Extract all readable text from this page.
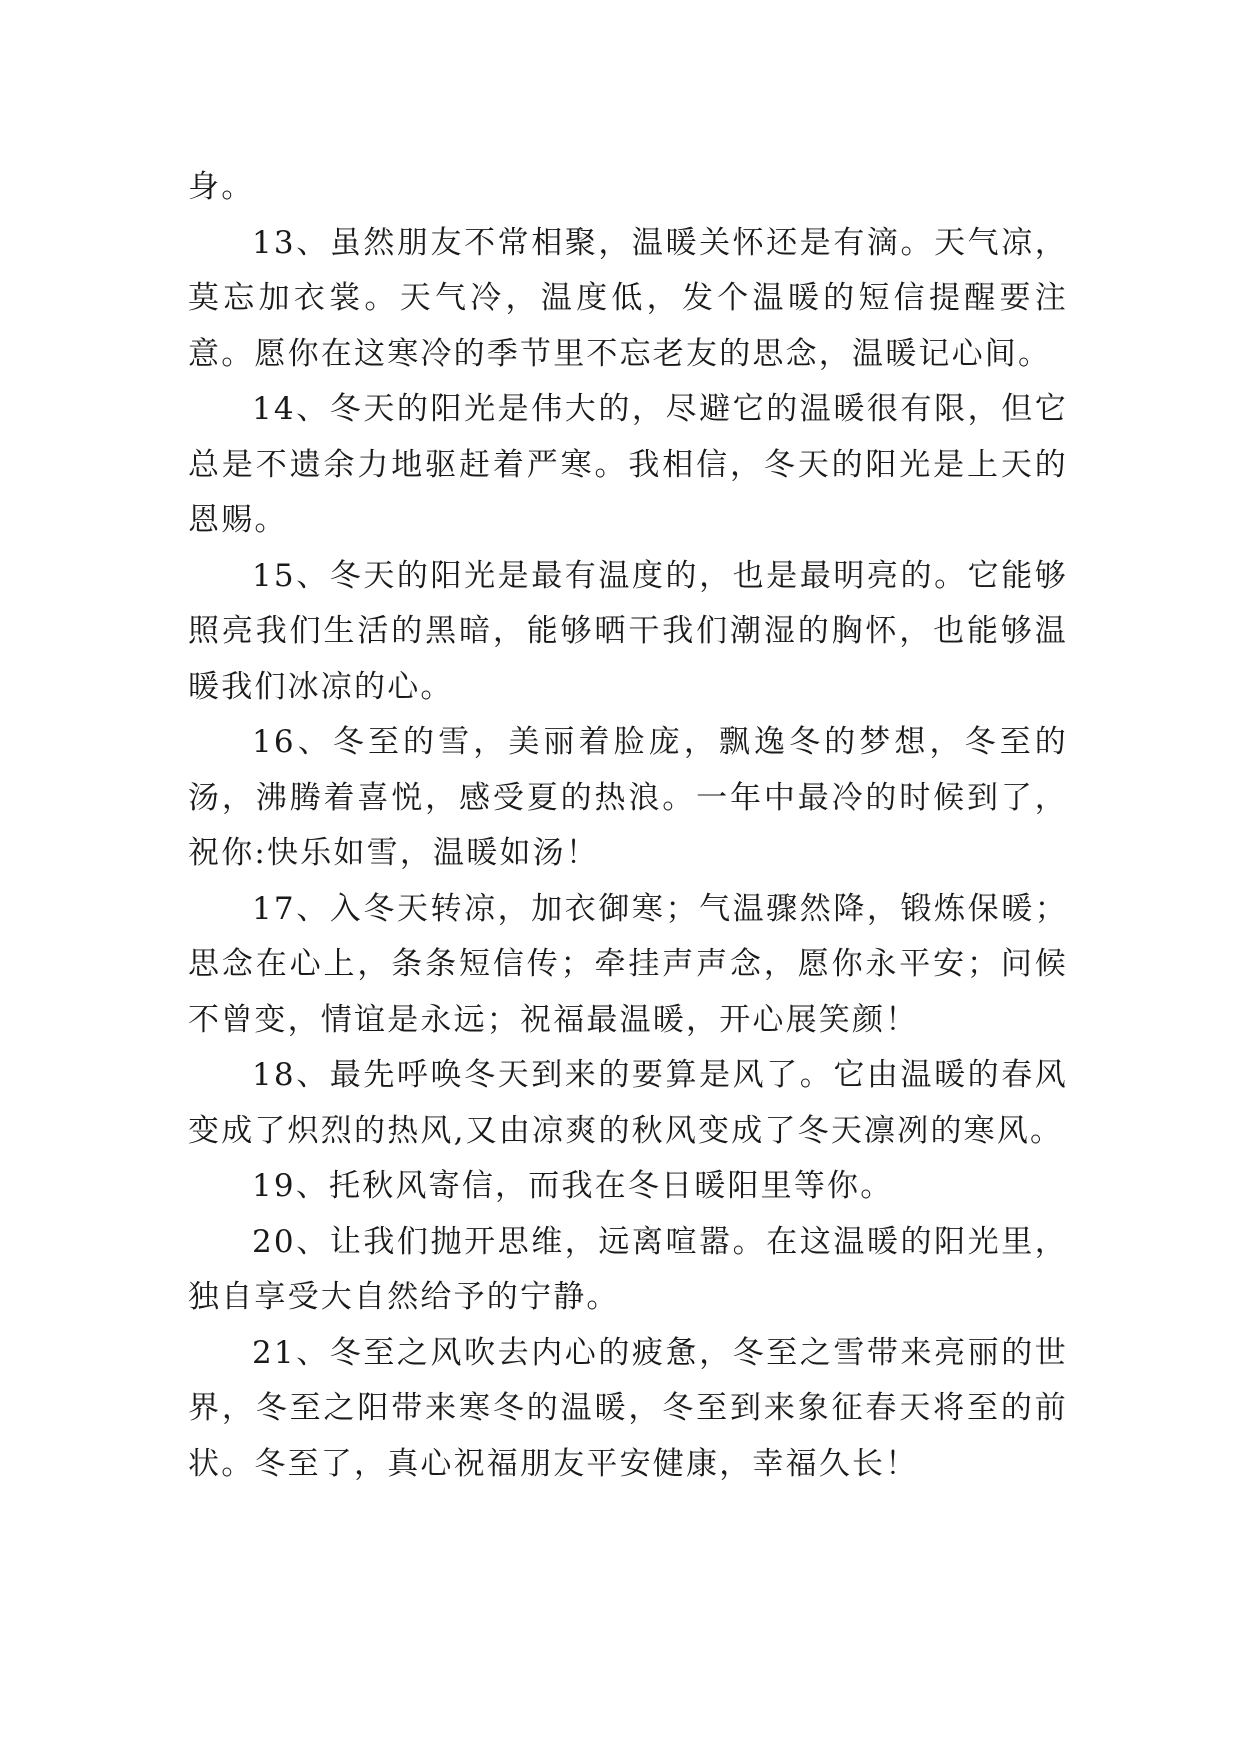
身。

13、虽然朋友不常相聚，温暖关怀还是有滴。天气凉，莫忘加衣裳。天气冷，温度低，发个温暖的短信提醒要注意。愿你在这寒冷的季节里不忘老友的思念，温暖记心间。

14、冬天的阳光是伟大的，尽避它的温暖很有限，但它总是不遗余力地驱赶着严寒。我相信，冬天的阳光是上天的恩赐。

15、冬天的阳光是最有温度的，也是最明亮的。它能够照亮我们生活的黑暗，能够晒干我们潮湿的胸怀，也能够温暖我们冰凉的心。

16、冬至的雪，美丽着脸庞，飘逸冬的梦想，冬至的汤，沸腾着喜悦，感受夏的热浪。一年中最冷的时候到了，祝你:快乐如雪，温暖如汤！

17、入冬天转凉，加衣御寒；气温骤然降，锻炼保暖；思念在心上，条条短信传；牵挂声声念，愿你永平安；问候不曾变，情谊是永远；祝福最温暖，开心展笑颜！

18、最先呼唤冬天到来的要算是风了。它由温暖的春风变成了炽烈的热风,又由凉爽的秋风变成了冬天凛冽的寒风。

19、托秋风寄信，而我在冬日暖阳里等你。

20、让我们抛开思维，远离喧嚣。在这温暖的阳光里，独自享受大自然给予的宁静。

21、冬至之风吹去内心的疲惫，冬至之雪带来亮丽的世界，冬至之阳带来寒冬的温暖，冬至到来象征春天将至的前状。冬至了，真心祝福朋友平安健康，幸福久长！
